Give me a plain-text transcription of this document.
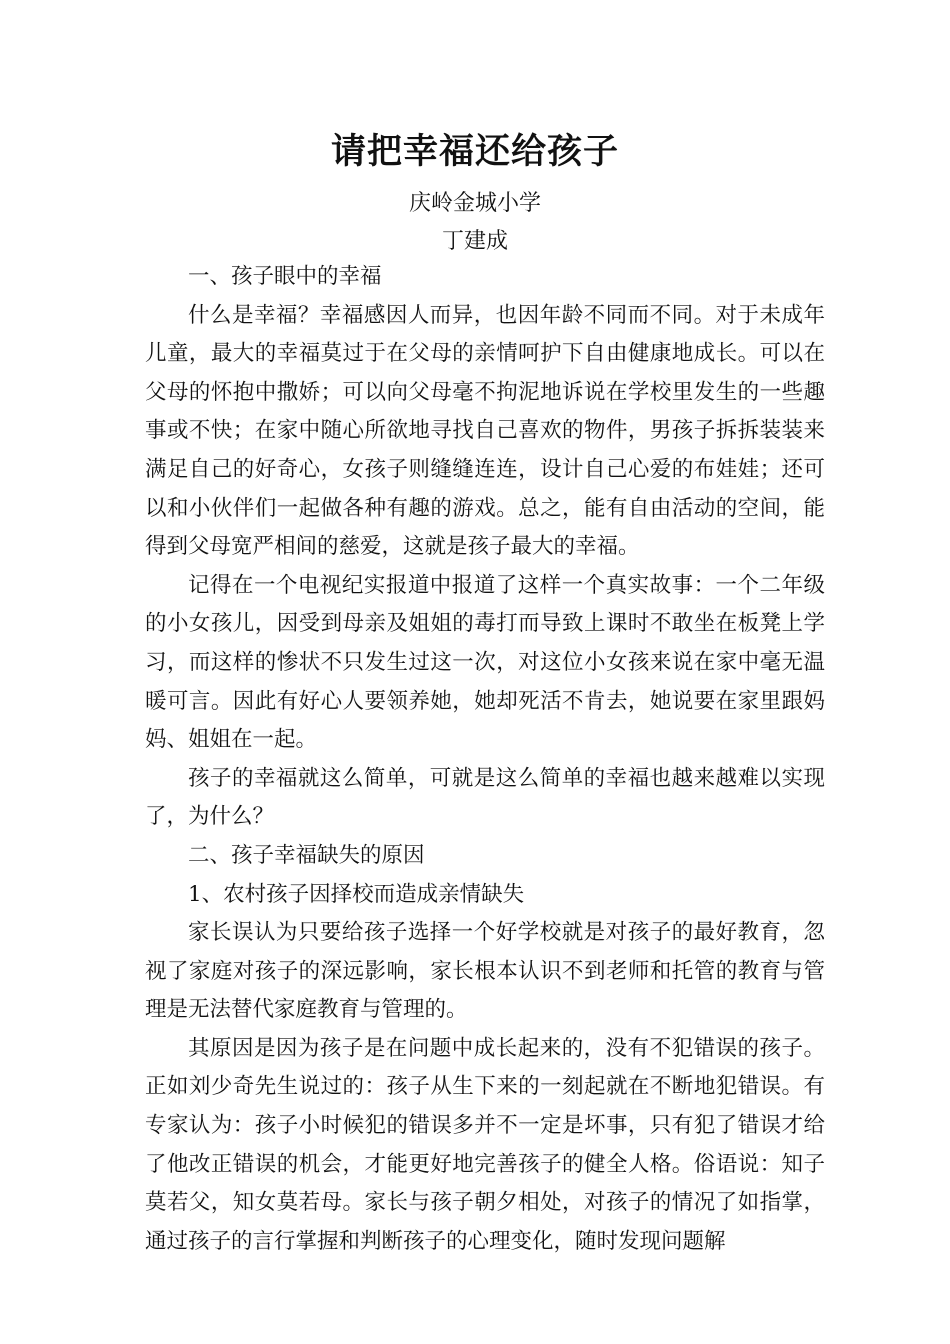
请把幸福还给孩子
庆岭金城小学
丁建成

一、孩子眼中的幸福

什么是幸福？幸福感因人而异，也因年龄不同而不同。对于未成年儿童，最大的幸福莫过于在父母的亲情呵护下自由健康地成长。可以在父母的怀抱中撒娇；可以向父母毫不拘泥地诉说在学校里发生的一些趣事或不快；在家中随心所欲地寻找自己喜欢的物件，男孩子拆拆装装来满足自己的好奇心，女孩子则缝缝连连，设计自己心爱的布娃娃；还可以和小伙伴们一起做各种有趣的游戏。总之，能有自由活动的空间，能得到父母宽严相间的慈爱，这就是孩子最大的幸福。

记得在一个电视纪实报道中报道了这样一个真实故事：一个二年级的小女孩儿，因受到母亲及姐姐的毒打而导致上课时不敢坐在板凳上学习，而这样的惨状不只发生过这一次，对这位小女孩来说在家中毫无温暖可言。因此有好心人要领养她，她却死活不肯去，她说要在家里跟妈妈、姐姐在一起。

孩子的幸福就这么简单，可就是这么简单的幸福也越来越难以实现了，为什么？

二、孩子幸福缺失的原因

1、农村孩子因择校而造成亲情缺失

家长误认为只要给孩子选择一个好学校就是对孩子的最好教育，忽视了家庭对孩子的深远影响，家长根本认识不到老师和托管的教育与管理是无法替代家庭教育与管理的。

其原因是因为孩子是在问题中成长起来的，没有不犯错误的孩子。正如刘少奇先生说过的：孩子从生下来的一刻起就在不断地犯错误。有专家认为：孩子小时候犯的错误多并不一定是坏事，只有犯了错误才给了他改正错误的机会，才能更好地完善孩子的健全人格。俗语说：知子莫若父，知女莫若母。家长与孩子朝夕相处，对孩子的情况了如指掌，通过孩子的言行掌握和判断孩子的心理变化，随时发现问题解
